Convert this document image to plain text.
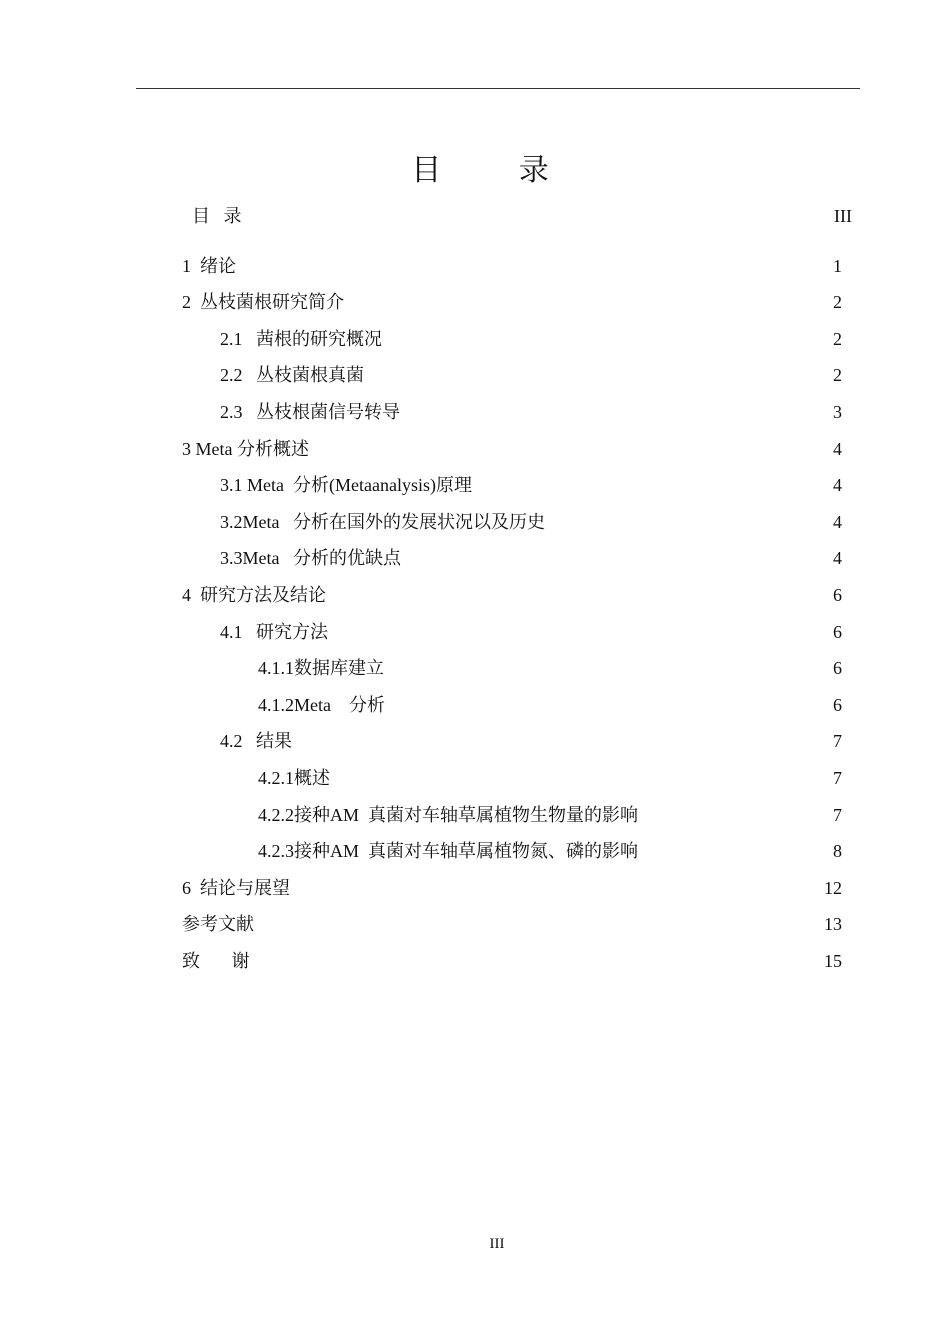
目 录
目   录	III
1  绪论	1
2  丛枝菌根研究简介	2
2.1   茜根的研究概况	2
2.2   丛枝菌根真菌	2
2.3   丛枝根菌信号转导	3
3 Meta 分析概述	4
3.1 Meta  分析(Metaanalysis)原理	4
3.2Meta   分析在国外的发展状况以及历史	4
3.3Meta   分析的优缺点	4
4  研究方法及结论	6
4.1   研究方法	6
4.1.1数据库建立	6
4.1.2Meta    分析	6
4.2   结果	7
4.2.1概述	7
4.2.2接种AM  真菌对车轴草属植物生物量的影响	7
4.2.3接种AM  真菌对车轴草属植物氮、磷的影响	8
6  结论与展望	12
参考文献	13
致       谢	15
III
